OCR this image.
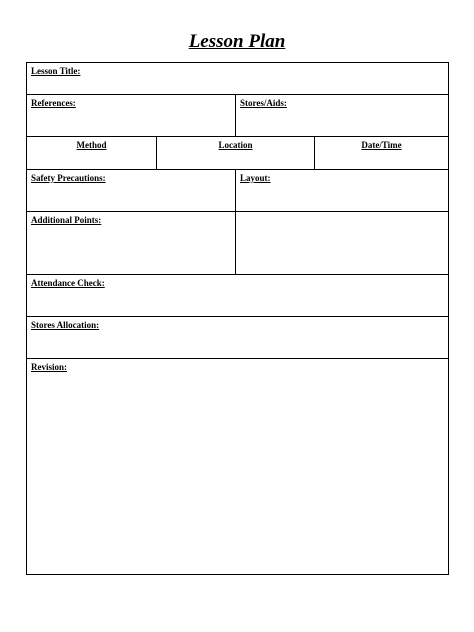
Lesson Plan
Lesson Title:
References:	Stores/Aids:
Method	Location	Date/Time
Safety Precautions:	Layout:
Additional Points:
Attendance Check:
Stores Allocation:
Revision:
